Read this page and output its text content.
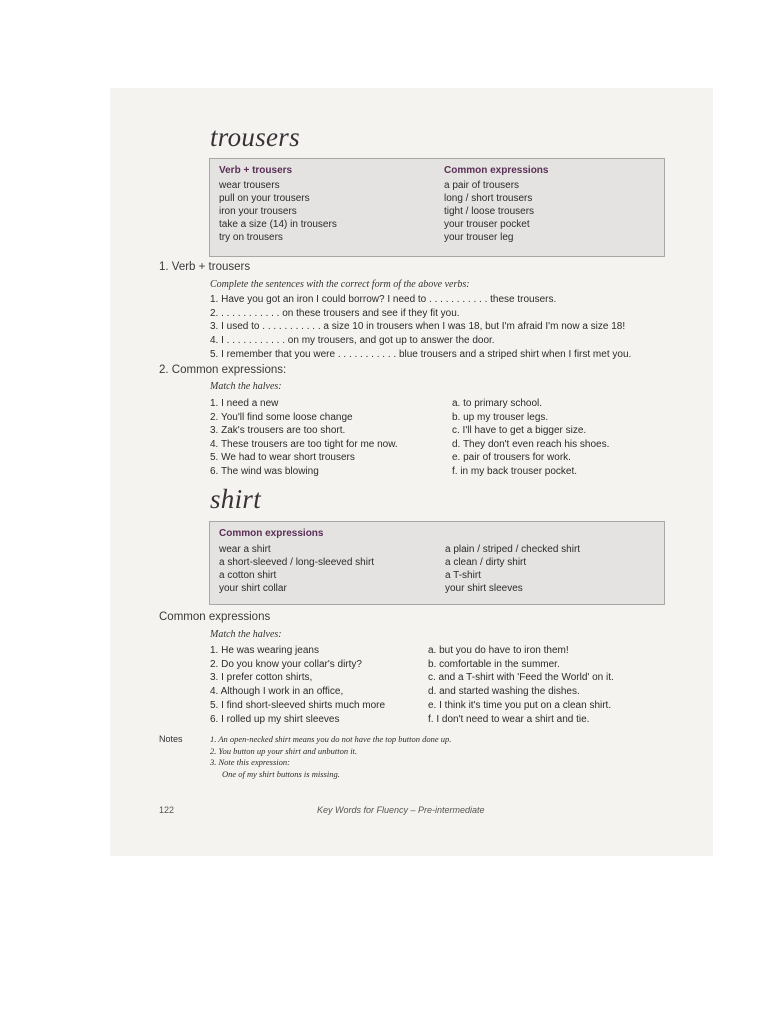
trousers
Verb + trousers
wear trousers
pull on your trousers
iron your trousers
take a size (14) in trousers
try on trousers
Common expressions
a pair of trousers
long / short trousers
tight / loose trousers
your trouser pocket
your trouser leg
1. Verb + trousers
Complete the sentences with the correct form of the above verbs:
1. Have you got an iron I could borrow? I need to . . . . . . . . . . . these trousers.
2. . . . . . . . . . . . on these trousers and see if they fit you.
3. I used to . . . . . . . . . . . a size 10 in trousers when I was 18, but I'm afraid I'm now a size 18!
4. I . . . . . . . . . . . on my trousers, and got up to answer the door.
5. I remember that you were . . . . . . . . . . . blue trousers and a striped shirt when I first met you.
2. Common expressions:
Match the halves:
1. I need a new
2. You'll find some loose change
3. Zak's trousers are too short.
4. These trousers are too tight for me now.
5. We had to wear short trousers
6. The wind was blowing
a. to primary school.
b. up my trouser legs.
c. I'll have to get a bigger size.
d. They don't even reach his shoes.
e. pair of trousers for work.
f. in my back trouser pocket.
shirt
Common expressions
wear a shirt
a short-sleeved / long-sleeved shirt
a cotton shirt
your shirt collar
a plain / striped / checked shirt
a clean / dirty shirt
a T-shirt
your shirt sleeves
Common expressions
Match the halves:
1. He was wearing jeans
2. Do you know your collar's dirty?
3. I prefer cotton shirts,
4. Although I work in an office,
5. I find short-sleeved shirts much more
6. I rolled up my shirt sleeves
a. but you do have to iron them!
b. comfortable in the summer.
c. and a T-shirt with 'Feed the World' on it.
d. and started washing the dishes.
e. I think it's time you put on a clean shirt.
f. I don't need to wear a shirt and tie.
Notes	1. An open-necked shirt means you do not have the top button done up.
2. You button up your shirt and unbutton it.
3. Note this expression:
One of my shirt buttons is missing.
122	Key Words for Fluency – Pre-intermediate
